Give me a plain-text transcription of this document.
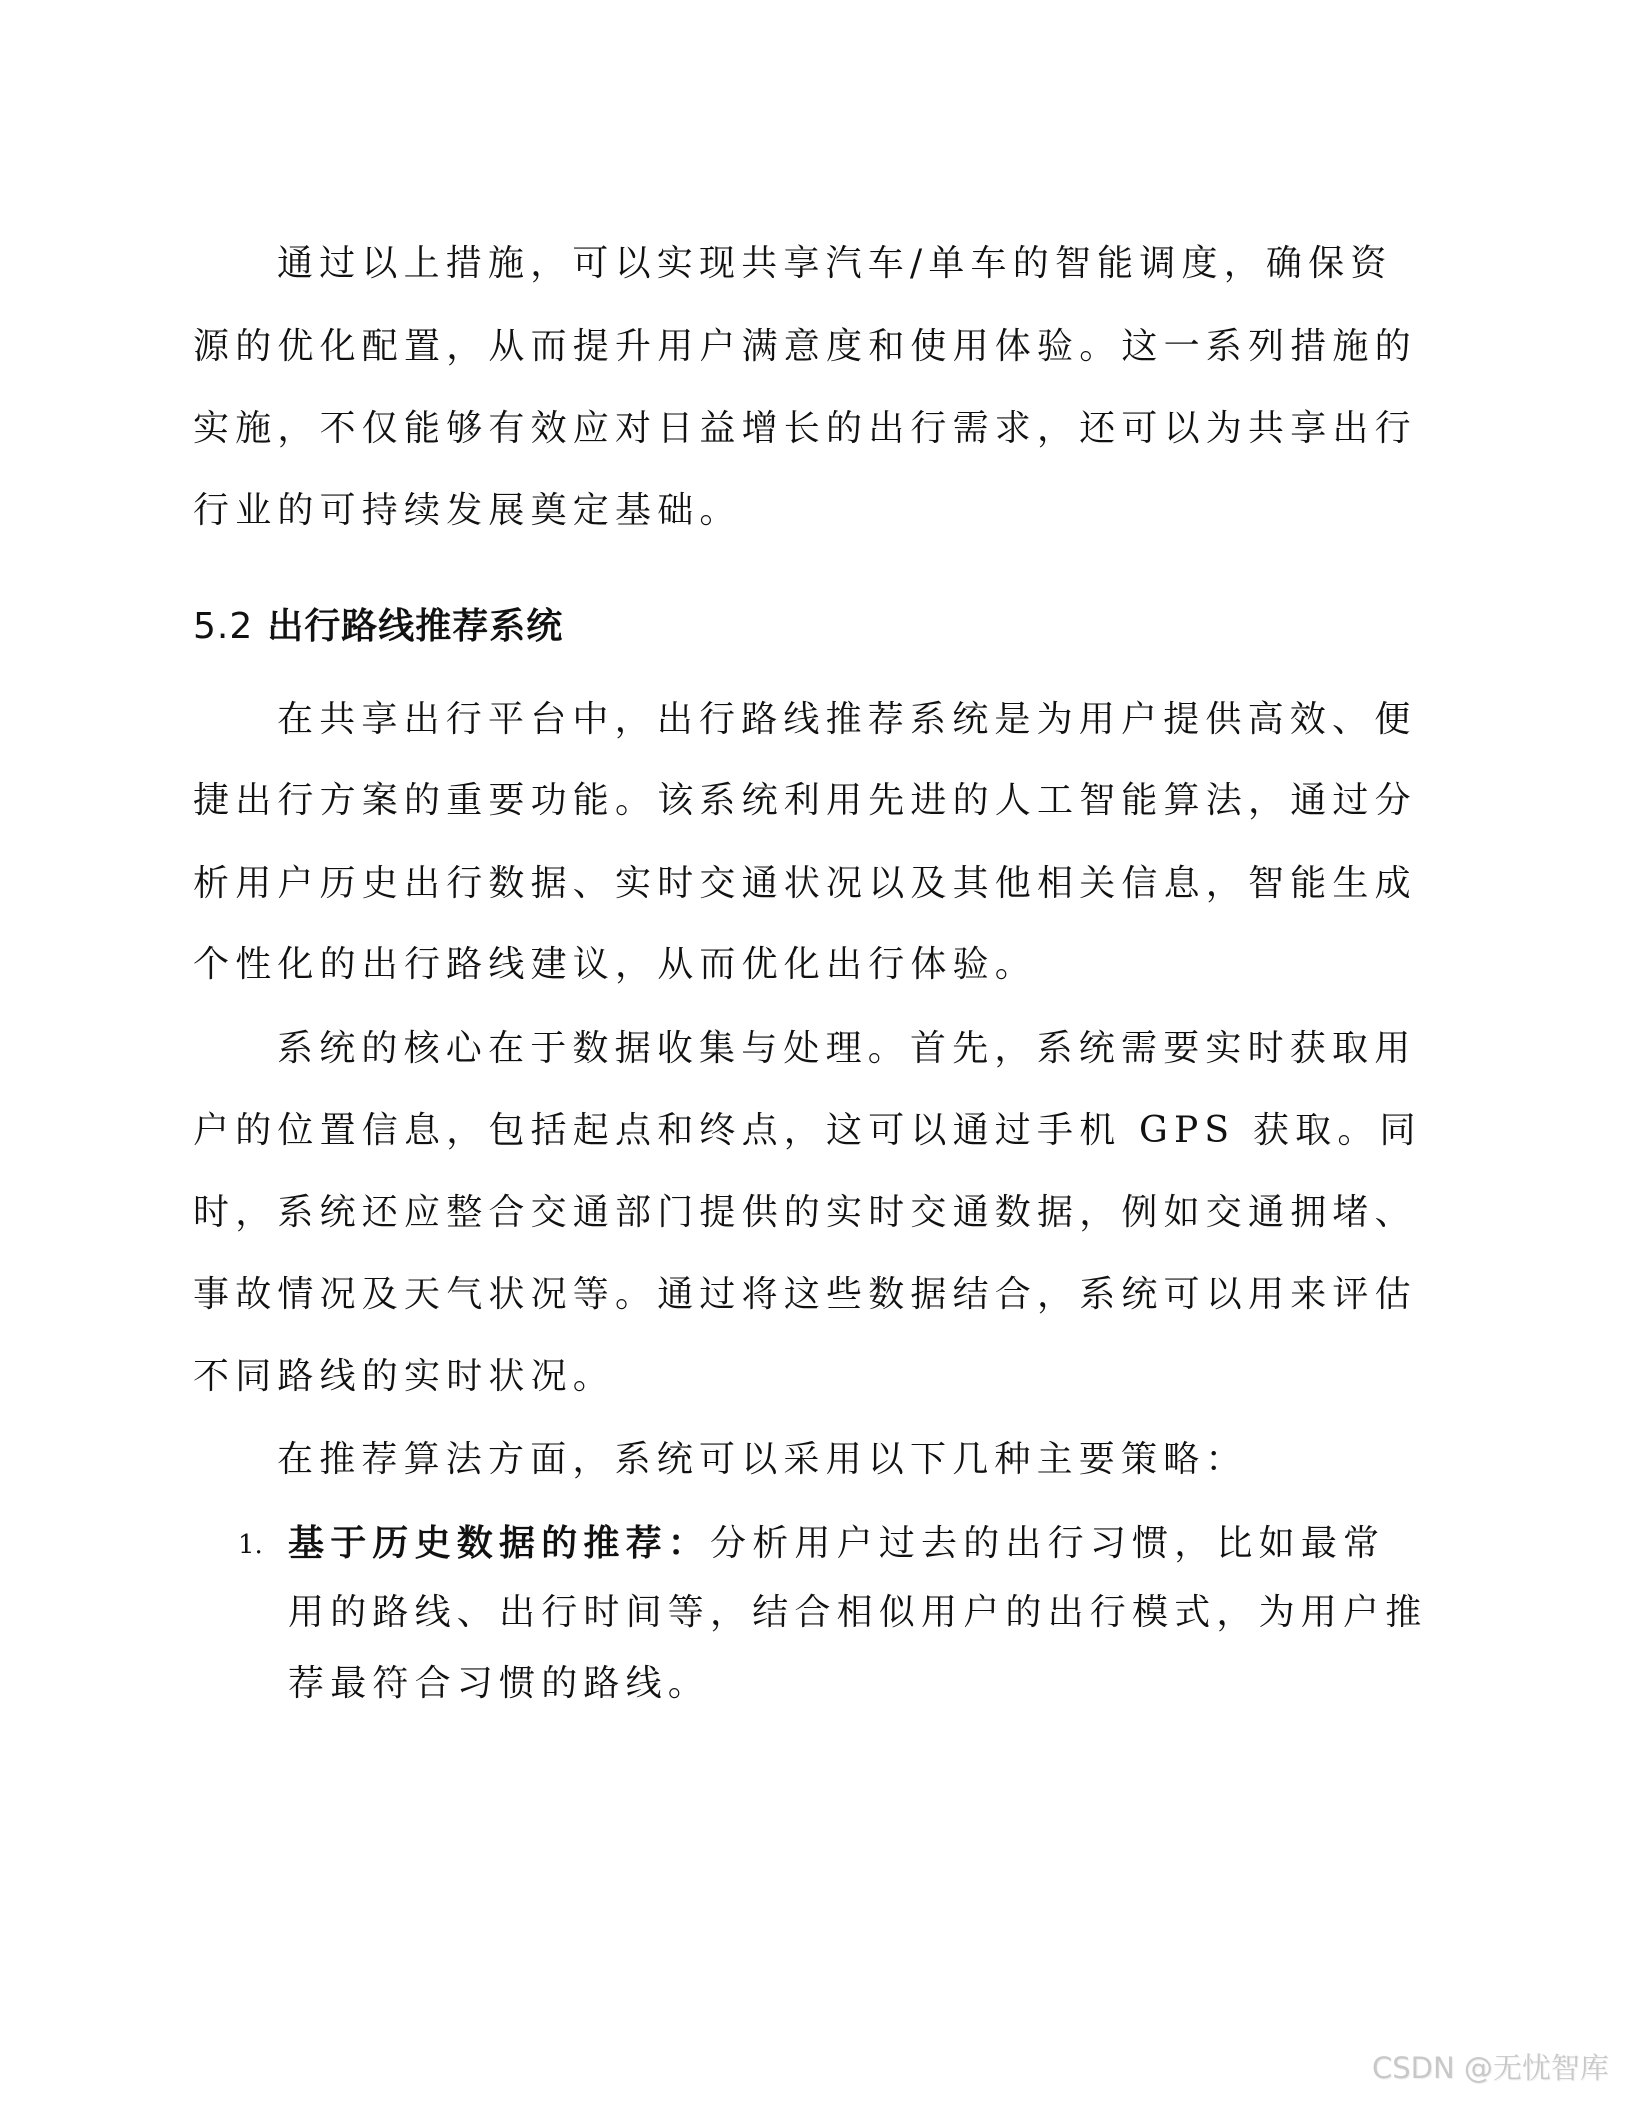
通过以上措施，可以实现共享汽车/单车的智能调度，确保资
源的优化配置，从而提升用户满意度和使用体验。这一系列措施的
实施，不仅能够有效应对日益增长的出行需求，还可以为共享出行
行业的可持续发展奠定基础。
5.2 出行路线推荐系统
在共享出行平台中，出行路线推荐系统是为用户提供高效、便
捷出行方案的重要功能。该系统利用先进的人工智能算法，通过分
析用户历史出行数据、实时交通状况以及其他相关信息，智能生成
个性化的出行路线建议，从而优化出行体验。
系统的核心在于数据收集与处理。首先，系统需要实时获取用
户的位置信息，包括起点和终点，这可以通过手机 GPS 获取。同
时，系统还应整合交通部门提供的实时交通数据，例如交通拥堵、
事故情况及天气状况等。通过将这些数据结合，系统可以用来评估
不同路线的实时状况。
在推荐算法方面，系统可以采用以下几种主要策略：
1. 基于历史数据的推荐：分析用户过去的出行习惯，比如最常
用的路线、出行时间等，结合相似用户的出行模式，为用户推
荐最符合习惯的路线。
CSDN @无忧智库
